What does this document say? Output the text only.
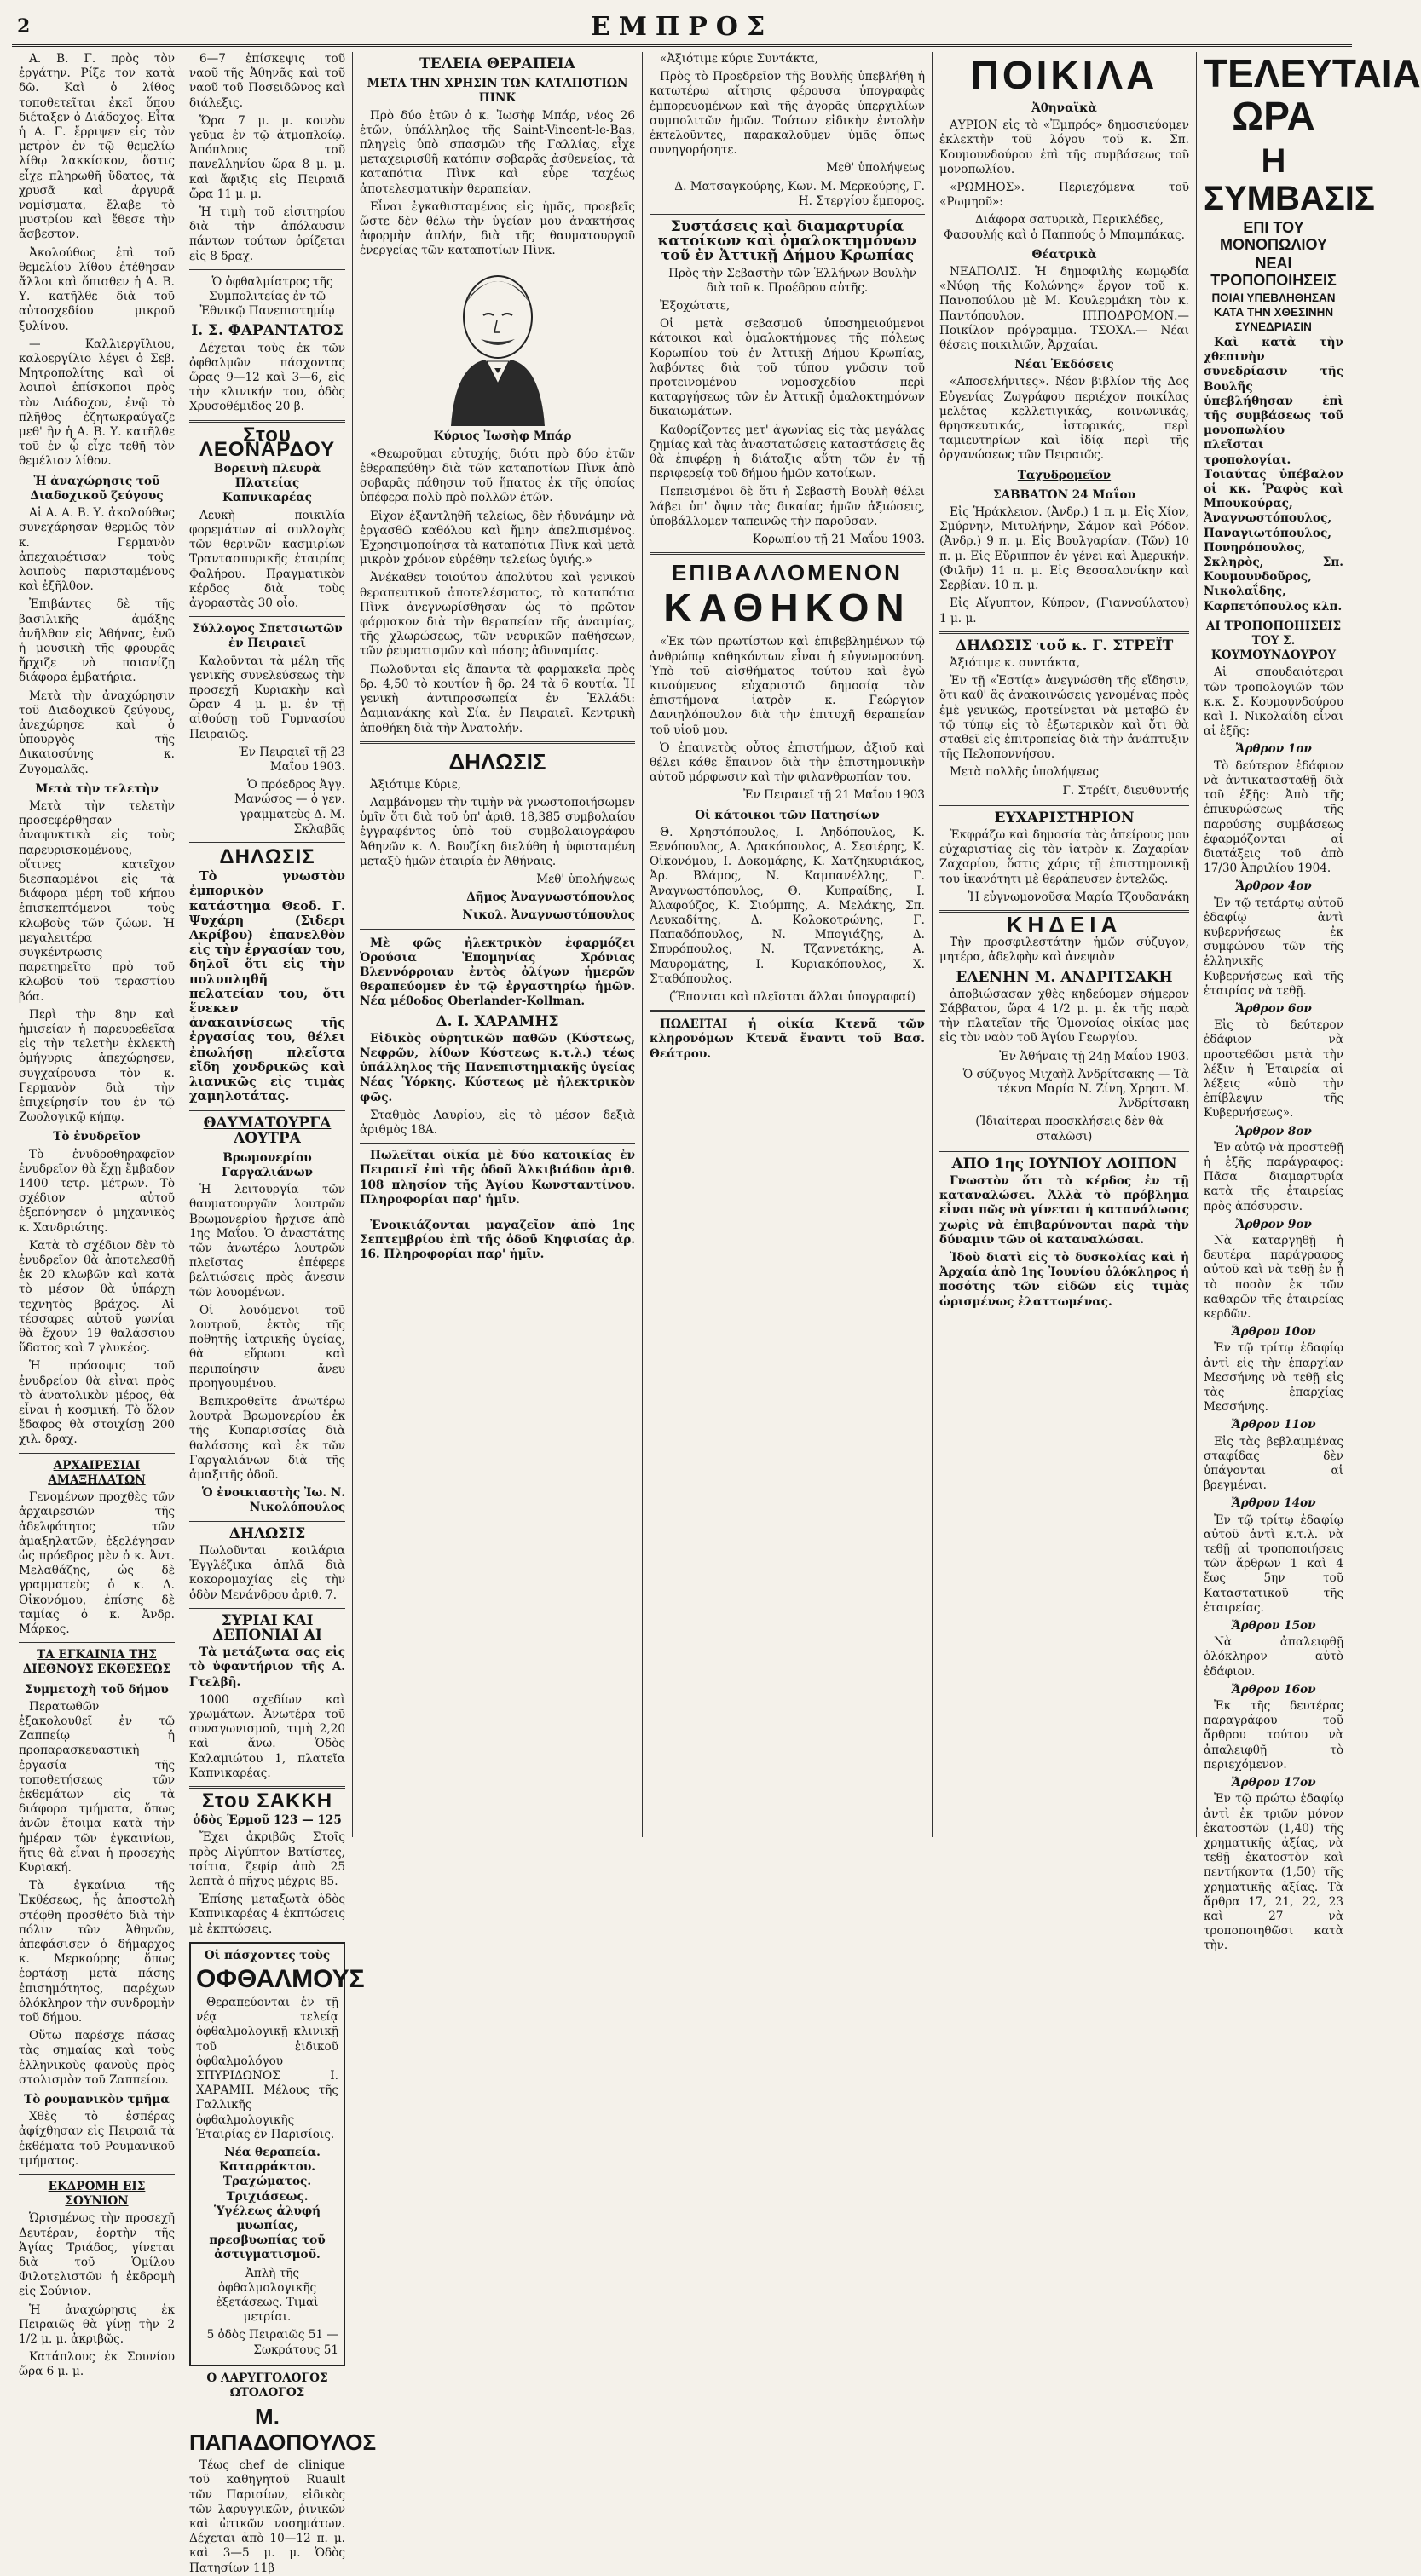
2	ΕΜΠΡΟΣ

Α. Β. Γ. πρὸς τὸν ἐργάτην. Ρίξε τον κατὰ δῶ. Καὶ ὁ λίθος τοποθετεῖται ἐκεῖ ὅπου διέταξεν ὁ Διάδοχος. Εἶτα ἡ Α. Γ. ἔρριψεν εἰς τὸν μετρὸν ἐν τῷ θεμελίῳ λίθῳ λακκίσκον, ὅστις εἶχε πληρωθῆ ὕδατος, τὰ χρυσᾶ καὶ ἀργυρᾶ νομίσματα, ἔλαβε τὸ μυστρίον καὶ ἔθεσε τὴν ἄσβεστον.

Ἀκολούθως ἐπὶ τοῦ θεμελίου λίθου ἐτέθησαν ἄλλοι καὶ ὅπισθεν ἡ Α. Β. Υ. κατῆλθε διὰ τοῦ αὐτοσχεδίου μικροῦ ξυλίνου.

— Καλλιεργῖλιου, καλοεργίλιο λέγει ὁ Σεβ. Μητροπολίτης καὶ οἱ λοιποὶ ἐπίσκοποι πρὸς τὸν Διάδοχον, ἐνῷ τὸ πλῆθος ἐζητωκραύγαζε μεθ' ἣν ἡ Α. Β. Υ. κατῆλθε τοῦ ἐν ᾧ εἶχε τεθῆ τὸν θεμέλιον λίθον.

Ἡ ἀναχώρησις τοῦ Διαδοχικοῦ ζεύγους

Αἱ Α. Α. Β. Υ. ἀκολούθως συνεχάρησαν θερμῶς τὸν κ. Γερμανὸν ἀπεχαιρέτισαν τοὺς λοιποὺς παρισταμένους καὶ ἐξῆλθον.

Ἐπιβάντες δὲ τῆς βασιλικῆς ἁμάξης ἀνῆλθον εἰς Ἀθήνας, ἐνῷ ἡ μουσικὴ τῆς φρουρᾶς ἤρχιζε νὰ παιανίζῃ διάφορα ἐμβατήρια.

Μετὰ τὴν ἀναχώρησιν τοῦ Διαδοχικοῦ ζεύγους, ἀνεχώρησε καὶ ὁ ὑπουργὸς τῆς Δικαιοσύνης κ. Ζυγομαλᾶς.

Μετὰ τὴν τελετὴν

Μετὰ τὴν τελετὴν προσεφέρθησαν ἀναψυκτικὰ εἰς τοὺς παρευρισκομένους, οἵτινες κατεῖχον διεσπαρμένοι εἰς τὰ διάφορα μέρη τοῦ κήπου ἐπισκεπτόμενοι τοὺς κλωβοὺς τῶν ζώων. Ἡ μεγαλειτέρα συγκέντρωσις παρετηρεῖτο πρὸ τοῦ κλωβοῦ τοῦ τεραστίου βόα.

Περὶ τὴν 8ην καὶ ἡμισείαν ἡ παρευρεθεῖσα εἰς τὴν τελετὴν ἐκλεκτὴ ὁμήγυρις ἀπεχώρησεν, συγχαίρουσα τὸν κ. Γερμανὸν διὰ τὴν ἐπιχείρησίν του ἐν τῷ Ζωολογικῷ κήπῳ.

Τὸ ἐνυδρεῖον

Τὸ ἐνυδροθηραφεῖον ἐνυδρεῖον θὰ ἔχῃ ἔμβαδον 1400 τετρ. μέτρων. Τὸ σχέδιον αὐτοῦ ἐξεπόνησεν ὁ μηχανικὸς κ. Χανδριώτης.

Κατὰ τὸ σχέδιον δὲν τὸ ἐνυδρεῖον θὰ ἀποτελεσθῇ ἐκ 20 κλωβῶν καὶ κατὰ τὸ μέσον θὰ ὑπάρχῃ τεχνητὸς βράχος. Αἱ τέσσαρες αὐτοῦ γωνίαι θὰ ἔχουν 19 θαλάσσιου ὕδατος καὶ 7 γλυκέος.

Ἡ πρόσοψις τοῦ ἐνυδρείου θὰ εἶναι πρὸς τὸ ἀνατολικὸν μέρος, θὰ εἶναι ἡ κοσμική. Τὸ ὅλον ἔδαφος θὰ στοιχίσῃ 200 χιλ. δραχ.

ΑΡΧΑΙΡΕΣΙΑΙ ΑΜΑΞΗΛΑΤΩΝ

Γενομένων προχθὲς τῶν ἀρχαιρεσιῶν τῆς ἀδελφότητος τῶν ἀμαξηλατῶν, ἐξελέγησαν ὡς πρόεδρος μὲν ὁ κ. Ἀντ. Μελαθάζης, ὡς δὲ γραμματεὺς ὁ κ. Δ. Οἰκονόμου, ἐπίσης δὲ ταμίας ὁ κ. Ἀνδρ. Μάρκος.

ΤΑ ΕΓΚΑΙΝΙΑ ΤΗΣ ΔΙΕΘΝΟΥΣ ΕΚΘΕΣΕΩΣ
Συμμετοχὴ τοῦ δήμου

Περατωθῶν ἐξακολουθεῖ ἐν τῷ Ζαππείῳ ἡ προπαρασκευαστικὴ ἐργασία τῆς τοποθετήσεως τῶν ἐκθεμάτων εἰς τὰ διάφορα τμήματα, ὅπως ἀνῶν ἕτοιμα κατὰ τὴν ἡμέραν τῶν ἐγκαινίων, ἥτις θὰ εἶναι ἡ προσεχὴς Κυριακή.

Τὰ ἐγκαίνια τῆς Ἐκθέσεως, ἧς ἀποστολὴ στέφθη προσθέτο διὰ τὴν πόλιν τῶν Ἀθηνῶν, ἀπεφάσισεν ὁ δήμαρχος κ. Μερκούρης ὅπως ἑορτάσῃ μετὰ πάσης ἐπισημότητος, παρέχων ὁλόκληρον τὴν συνδρομὴν τοῦ δήμου.

Οὕτω παρέσχε πάσας τὰς σημαίας καὶ τοὺς ἑλληνικοὺς φανοὺς πρὸς στολισμὸν τοῦ Ζαππείου.

Τὸ ρουμανικὸν τμῆμα

Χθὲς τὸ ἑσπέρας ἀφίχθησαν εἰς Πειραιᾶ τὰ ἐκθέματα τοῦ Ρουμανικοῦ τμήματος.

ΕΚΔΡΟΜΗ ΕΙΣ ΣΟΥΝΙΟΝ

Ὡρισμένως τὴν προσεχῆ Δευτέραν, ἑορτὴν τῆς Ἁγίας Τριάδος, γίνεται διὰ τοῦ Ὁμίλου Φιλοτελιστῶν ἡ ἐκδρομὴ εἰς Σούνιον.

Ἡ ἀναχώρησις ἐκ Πειραιῶς θὰ γίνῃ τὴν 2 1/2 μ. μ. ἀκριβῶς.

Κατάπλους ἐκ Σουνίου ὥρα 6 μ. μ.

6—7 ἐπίσκεψις τοῦ ναοῦ τῆς Ἀθηνᾶς καὶ τοῦ ναοῦ τοῦ Ποσειδῶνος καὶ διάλεξις.

Ὥρα 7 μ. μ. κοινὸν γεῦμα ἐν τῷ ἀτμοπλοίῳ. Ἀπόπλους τοῦ πανελληνίου ὥρα 8 μ. μ. καὶ ἄφιξις εἰς Πειραιᾶ ὥρα 11 μ. μ.

Ἡ τιμὴ τοῦ εἰσιτηρίου διὰ τὴν ἀπόλαυσιν πάντων τούτων ὁρίζεται εἰς 8 δραχ.

Ὁ ὀφθαλμίατρος τῆς Συμπολιτείας ἐν τῷ Ἐθνικῷ Πανεπιστημίῳ

Ι. Σ. ΦΑΡΑΝΤΑΤΟΣ

Δέχεται τοὺς ἐκ τῶν ὀφθαλμῶν πάσχοντας ὥρας 9—12 καὶ 3—6, εἰς τὴν κλινικήν του, ὁδὸς Χρυσοθέμιδος 20 β.

Στου ΛΕΟΝΑΡΔΟΥ
Βορεινὴ πλευρὰ Πλατείας Καπνικαρέας

Λευκὴ ποικιλία φορεμάτων αἱ συλλογὰς τῶν θερινῶν κασμιρίων Τραντασπυρικῆς ἑταιρίας Φαλήρου. Πραγματικὸν κέρδος διὰ τοὺς ἀγοραστὰς 30 οἷο.

Σύλλογος Σπετσιωτῶν ἐν Πειραιεῖ

Καλοῦνται τὰ μέλη τῆς γενικῆς συνελεύσεως τὴν προσεχῆ Κυριακὴν καὶ ὥραν 4 μ. μ. ἐν τῇ αἰθούσῃ τοῦ Γυμνασίου Πειραιῶς.

Ἐν Πειραιεῖ τῇ 23 Μαΐου 1903.

Ὁ πρόεδρος Ἀγγ. Μανώσος — ὁ γεν. γραμματεὺς Δ. Μ. Σκλαβᾶς

ΔΗΛΩΣΙΣ

Τὸ γνωστὸν ἐμπορικὸν κατάστημα Θεοδ. Γ. Ψυχάρη (Σιδερι Ακρίβου) ἐπανελθὸν εἰς τὴν ἐργασίαν του, δηλοῖ ὅτι εἰς τὴν πολυπληθῆ πελατείαν του, ὅτι ἕνεκεν ἀνακαινίσεως τῆς ἐργασίας του, θέλει ἐπωλήσῃ πλεῖστα εἴδη χονδρικῶς καὶ λιανικῶς εἰς τιμὰς χαμηλοτάτας.

ΘΑΥΜΑΤΟΥΡΓΑ ΛΟΥΤΡΑ
Βρωμονερίου Γαργαλιάνων

Ἡ λειτουργία τῶν θαυματουργῶν λουτρῶν Βρωμονερίου ἤρχισε ἀπὸ 1ης Μαΐου. Ὁ ἀναστάτης τῶν ἀνωτέρω λουτρῶν πλεῖστας ἐπέφερε βελτιώσεις πρὸς ἄνεσιν τῶν λουομένων.

Οἱ λουόμενοι τοῦ λουτροῦ, ἐκτὸς τῆς ποθητῆς ἰατρικῆς ὑγείας, θὰ εὕρωσι καὶ περιποίησιν ἄνευ προηγουμένου.

Βεπικροθεῖτε ἀνωτέρω λουτρὰ Βρωμονερίου ἐκ τῆς Κυπαρισσίας διὰ θαλάσσης καὶ ἐκ τῶν Γαργαλιάνων διὰ τῆς ἁμαξιτῆς ὁδοῦ.

Ὁ ἐνοικιαστὴς Ἰω. Ν. Νικολόπουλος

ΔΗΛΩΣΙΣ

Πωλοῦνται κοιλάρια Ἐγγλέζικα ἀπλᾶ διὰ κοκορομαχίας εἰς τὴν ὁδὸν Μενάνδρου ἀριθ. 7.

ΣΥΡΙΑΙ ΚΑΙ ΔΕΠΟΝΙΑΙ ΑΙ

Τὰ μετάξωτα σας εἰς τὸ ὑφαντήριον τῆς Α. Γτελβῆ.

1000 σχεδίων καὶ χρωμάτων. Ἀνωτέρα τοῦ συναγωνισμοῦ, τιμὴ 2,20 καὶ ἄνω. Ὁδὸς Καλαμιώτου 1, πλατεῖα Καπνικαρέας.

Στου ΣΑΚΚΗ
ὁδὸς Ἑρμοῦ 123 — 125

Ἔχει ἀκριβῶς Στοῖς πρὸς Αἰγύπτον Βατίστες, τσίτια, ζεφίρ ἀπὸ 25 λεπτὰ ὁ πῆχυς μέχρις 85.

Ἐπίσης μεταξωτὰ ὁδὸς Καπνικαρέας 4 ἐκπτώσεις μὲ ἐκπτώσεις.

Οἱ πάσχοντες τοὺς
ΟΦΘΑΛΜΟΥΣ

Θεραπεύονται ἐν τῇ νέᾳ τελείᾳ ὀφθαλμολογικῇ κλινικῇ τοῦ ἐιδικοῦ ὀφθαλμολόγου ΣΠΥΡΙΔΩΝΟΣ Ι. ΧΑΡΑΜΗ. Μέλους τῆς Γαλλικῆς ὀφθαλμολογικῆς Ἑταιρίας ἐν Παρισίοις.

Νέα θεραπεία. Καταρράκτου. Τραχώματος. Τριχιάσεως. Ὑγέλεως ἀλυφή μυωπίας, πρεσβυωπίας τοῦ ἀστιγματισμοῦ.

Ἀπλὴ τῆς ὀφθαλμολογικῆς ἐξετάσεως. Τιμαὶ μετρίαι.

5 ὁδὸς Πειραιῶς 51 — Σωκράτους 51

Ο ΛΑΡΥΓΓΟΛΟΓΟΣ ΩΤΟΛΟΓΟΣ
Μ. ΠΑΠΑΔΟΠΟΥΛΟΣ

Τέως chef de clinique τοῦ καθηγητοῦ Ruault τῶν Παρισίων, εἰδικὸς τῶν λαρυγγικῶν, ῥινικῶν καὶ ὠτικῶν νοσημάτων. Δέχεται ἀπὸ 10—12 π. μ. καὶ 3—5 μ. μ. Ὁδὸς Πατησίων 11β

ΤΕΛΕΙΑ ΘΕΡΑΠΕΙΑ
ΜΕΤΑ ΤΗΝ ΧΡΗΣΙΝ ΤΩΝ ΚΑΤΑΠΟΤΙΩΝ ΠΙΝΚ

Πρὸ δύο ἐτῶν ὁ κ. Ἰωσὴφ Μπάρ, νέος 26 ἐτῶν, ὑπάλληλος τῆς Saint-Vincent-le-Bas, πληγεὶς ὑπὸ σπασμῶν τῆς Γαλλίας, εἶχε μεταχειρισθῆ κατόπιν σοβαρᾶς ἀσθενείας, τὰ καταπότια Πὶνκ καὶ εὗρε ταχέως ἀποτελεσματικὴν θεραπείαν.

Εἶναι ἐγκαθισταμένος εἰς ἡμᾶς, προεβεῖς ὥστε δὲν θέλω τὴν ὑγείαν μου ἀνακτήσας ἀφορμὴν ἁπλήν, διὰ τῆς θαυματουργοῦ ἐνεργείας τῶν καταποτίων Πὶνκ.

Κύριος Ἰωσὴφ Μπάρ

«Θεωροῦμαι εὐτυχής, διότι πρὸ δύο ἐτῶν ἐθεραπεύθην διὰ τῶν καταποτίων Πὶνκ ἀπὸ σοβαρᾶς πάθησιν τοῦ ἥπατος ἐκ τῆς ὁποίας ὑπέφερα πολὺ πρὸ πολλῶν ἐτῶν.

Εἰχον ἐξαντληθῆ τελείως, δὲν ἠδυνάμην νὰ ἐργασθῶ καθόλου καὶ ἤμην ἀπελπισμένος. Ἐχρησιμοποίησα τὰ καταπότια Πὶνκ καὶ μετὰ μικρὸν χρόνον εὑρέθην τελείως ὑγιής.»

Ἀνέκαθεν τοιούτου ἀπολύτου καὶ γενικοῦ θεραπευτικοῦ ἀποτελέσματος, τὰ καταπότια Πὶνκ ἀνεγνωρίσθησαν ὡς τὸ πρῶτον φάρμακον διὰ τὴν θεραπείαν τῆς ἀναιμίας, τῆς χλωρώσεως, τῶν νευρικῶν παθήσεων, τῶν ῥευματισμῶν καὶ πάσης ἀδυναμίας.

Πωλοῦνται εἰς ἅπαντα τὰ φαρμακεῖα πρὸς δρ. 4,50 τὸ κουτίον ἢ δρ. 24 τὰ 6 κουτία. Ἡ γενικὴ ἀντιπροσωπεία ἐν Ἑλλάδι: Δαμιανάκης καὶ Σία, ἐν Πειραιεῖ. Κεντρικὴ ἀποθήκη διὰ τὴν Ἀνατολήν.

ΔΗΛΩΣΙΣ

Ἀξιότιμε Κύριε,

Λαμβάνομεν τὴν τιμὴν νὰ γνωστοποιήσωμεν ὑμῖν ὅτι διὰ τοῦ ὑπ' ἀριθ. 18,385 συμβολαίου ἐγγραφέντος ὑπὸ τοῦ συμβολαιογράφου Ἀθηνῶν κ. Δ. Βουζίκη διελύθη ἡ ὑφισταμένη μεταξὺ ἡμῶν ἑταιρία ἐν Ἀθήναις.

Μεθ' ὑπολήψεως

Δῆμος Ἀναγνωστόπουλος

Νικολ. Ἀναγνωστόπουλος

Μὲ φῶς ἠλεκτρικὸν ἐφαρμόζει Ὀρούσια Ἐπομηνίας Χρόνιας Βλεννόρροιαν ἐντὸς ὀλίγων ἡμερῶν θεραπεύομεν ἐν τῷ ἐργαστηρίῳ ἡμῶν. Νέα μέθοδος Oberlander-Kollman.

Δ. Ι. ΧΑΡΑΜΗΣ

Εἰδικὸς οὐρητικῶν παθῶν (Κύστεως, Νεφρῶν, λίθων Κύστεως κ.τ.λ.) τέως ὑπάλληλος τῆς Πανεπιστημιακῆς ὑγείας Νέας Ὑόρκης. Κύστεως μὲ ἠλεκτρικὸν φῶς.

Σταθμὸς Λαυρίου, εἰς τὸ μέσον δεξιὰ ἀριθμὸς 18Α.

Πωλεῖται οἰκία μὲ δύο κατοικίας ἐν Πειραιεῖ ἐπὶ τῆς ὁδοῦ Ἀλκιβιάδου ἀριθ. 108 πλησίον τῆς Ἁγίου Κωνσταντίνου. Πληροφορίαι παρ' ἡμῖν.

Ἐνοικιάζονται μαγαζεῖον ἀπὸ 1ης Σεπτεμβρίου ἐπὶ τῆς ὁδοῦ Κηφισίας ἀρ. 16. Πληροφορίαι παρ' ἡμῖν.

«Ἀξιότιμε κύριε Συντάκτα,

Πρὸς τὸ Προεδρεῖον τῆς Βουλῆς ὑπεβλήθη ἡ κατωτέρω αἴτησις φέρουσα ὑπογραφὰς ἐμπορευομένων καὶ τῆς ἀγορᾶς ὑπερχιλίων συμπολιτῶν ἡμῶν. Τούτων εἰδικὴν ἐντολὴν ἐκτελοῦντες, παρακαλοῦμεν ὑμᾶς ὅπως συνηγορήσητε.

Μεθ' ὑπολήψεως

Δ. Ματσαγκούρης, Κων. Μ. Μερκούρης, Γ. Η. Στεργίου ἔμπορος.

Συστάσεις καὶ διαμαρτυρία κατοίκων καὶ ὁμαλοκτημόνων τοῦ ἐν Ἀττικῇ Δήμου Κρωπίας

Πρὸς τὴν Σεβαστὴν τῶν Ἑλλήνων Βουλὴν διὰ τοῦ κ. Προέδρου αὐτῆς.

Ἐξοχώτατε,

Οἱ μετὰ σεβασμοῦ ὑποσημειούμενοι κάτοικοι καὶ ὁμαλοκτήμονες τῆς πόλεως Κορωπίου τοῦ ἐν Ἀττικῇ Δήμου Κρωπίας, λαβόντες διὰ τοῦ τύπου γνῶσιν τοῦ προτεινομένου νομοσχεδίου περὶ καταργήσεως τῶν ἐν Ἀττικῇ ὁμαλοκτημόνων δικαιωμάτων.

Καθορίζοντες μετ' ἀγωνίας εἰς τὰς μεγάλας ζημίας καὶ τὰς ἀναστατώσεις καταστάσεις ἃς θὰ ἐπιφέρῃ ἡ διάταξις αὕτη τῶν ἐν τῇ περιφερείᾳ τοῦ δήμου ἡμῶν κατοίκων.

Πεπεισμένοι δὲ ὅτι ἡ Σεβαστὴ Βουλὴ θέλει λάβει ὑπ' ὄψιν τὰς δικαίας ἡμῶν ἀξιώσεις, ὑποβάλλομεν ταπεινῶς τὴν παροῦσαν.

Κορωπίου τῇ 21 Μαΐου 1903.

ΕΠΙΒΑΛΛΟΜΕΝΟΝ
ΚΑΘΗΚΟΝ

«Ἐκ τῶν πρωτίστων καὶ ἐπιβεβλημένων τῷ ἀνθρώπῳ καθηκόντων εἶναι ἡ εὐγνωμοσύνη. Ὑπὸ τοῦ αἰσθήματος τούτου καὶ ἐγὼ κινούμενος εὐχαριστῶ δημοσίᾳ τὸν ἐπιστήμονα ἰατρὸν κ. Γεώργιον Δανιηλόπουλον διὰ τὴν ἐπιτυχῆ θεραπείαν τοῦ υἱοῦ μου.

Ὁ ἐπαινετὸς οὗτος ἐπιστήμων, ἀξιοῦ καὶ θέλει κάθε ἔπαινον διὰ τὴν ἐπιστημονικὴν αὐτοῦ μόρφωσιν καὶ τὴν φιλανθρωπίαν του.

Ἐν Πειραιεῖ τῇ 21 Μαΐου 1903

Οἱ κάτοικοι τῶν Πατησίων

Θ. Χρηστόπουλος, Ι. Ἀηδόπουλος, Κ. Ξενόπουλος, Α. Δρακόπουλος, Α. Σεσιέρης, Κ. Οἰκονόμου, Ι. Δοκομάρης, Κ. Χατζηκυριάκος, Ἀρ. Βλάμος, Ν. Καμπανέλλης, Γ. Ἀναγνωστόπουλος, Θ. Κυπραίδης, Ι. Ἀλαφούζος, Κ. Σιούμπης, Α. Μελάκης, Σπ. Λευκαδίτης, Δ. Κολοκοτρώνης, Γ. Παπαδόπουλος, Ν. Μπογιάζης, Δ. Σπυρόπουλος, Ν. Τζαννετάκης, Α. Μαυρομάτης, Ι. Κυριακόπουλος, Χ. Σταθόπουλος.

(Ἕπονται καὶ πλεῖσται ἄλλαι ὑπογραφαί)

ΠΩΛΕΙΤΑΙ ἡ οἰκία Κτενᾶ τῶν κληρονόμων Κτενᾶ ἔναντι τοῦ Βασ. Θεάτρου.

ΠΟΙΚΙΛΑ
Ἀθηναϊκὰ

ΑΥΡΙΟΝ εἰς τὸ «Ἐμπρός» δημοσιεύομεν ἐκλεκτὴν τοῦ λόγου τοῦ κ. Σπ. Κουμουνδούρου ἐπὶ τῆς συμβάσεως τοῦ μονοπωλίου.

«ΡΩΜΗΟΣ». Περιεχόμενα τοῦ «Ρωμηοῦ»:

Διάφορα σατυρικὰ, Περικλέδες, Φασουλής καὶ ὁ Παππούς ὁ Μπαμπάκας.

Θέατρικὰ

ΝΕΑΠΟΛΙΣ. Ἡ δημοφιλὴς κωμῳδία «Νύφη τῆς Κολώνης» ἔργον τοῦ κ. Πανοπούλου μὲ Μ. Κουλερμάκη τὸν κ. Παντόπουλον. ΙΠΠΟΔΡΟΜΟΝ.— Ποικίλον πρόγραμμα. ΤΣΟΧΑ.— Νέαι θέσεις ποικιλιῶν, Ἀρχαίαι.

Νέαι Ἐκδόσεις

«Αποσελήνιτες». Νέον βιβλίον τῆς Δος Εὐγενίας Ζωγράφου περιέχον ποικίλας μελέτας κελλετιγικάς, κοινωνικάς, θρησκευτικάς, ἱστορικάς, περὶ ταμιευτηρίων καὶ ἰδίᾳ περὶ τῆς ὀργανώσεως τῶν Πειραιῶς.

Ταχυδρομεῖον
ΣΑΒΒΑΤΟΝ 24 Μαΐου

Εἰς Ἡράκλειον. (Ἀνδρ.) 1 π. μ. Εἰς Χίον, Σμύρνην, Μιτυλήνην, Σάμον καὶ Ρόδον. (Ἀνδρ.) 9 π. μ. Εἰς Βουλγαρίαν. (Τῶν) 10 π. μ. Εἰς Εὔριππον ἐν γένει καὶ Ἀμερικήν. (Φιλῆν) 11 π. μ. Εἰς Θεσσαλονίκην καὶ Σερβίαν. 10 π. μ.

Εἰς Αἴγυπτον, Κύπρον, (Γιαννούλατου) 1 μ. μ.

ΔΗΛΩΣΙΣ τοῦ κ. Γ. ΣΤΡΕΪΤ

Ἀξιότιμε κ. συντάκτα,

Ἐν τῇ «Ἑστίᾳ» ἀνεγνώσθη τῆς εἴδησιν, ὅτι καθ' ἃς ἀνακοινώσεις γενομένας πρὸς ἐμὲ γενικῶς, προτείνεται νὰ μεταβῶ ἐν τῷ τύπῳ εἰς τὸ ἐξωτερικὸν καὶ ὅτι θὰ σταθεῖ εἰς ἐπιτροπείας διὰ τὴν ἀνάπτυξιν τῆς Πελοποννήσου.

Μετὰ πολλῆς ὑπολήψεως

Γ. Στρέϊτ, διευθυντής

ΕΥΧΑΡΙΣΤΗΡΙΟΝ

Ἐκφράζω καὶ δημοσίᾳ τὰς ἀπείρους μου εὐχαριστίας εἰς τὸν ἰατρὸν κ. Ζαχαρίαν Ζαχαρίου, ὅστις χάρις τῇ ἐπιστημονικῇ του ἱκανότητι μὲ θεράπευσεν ἐντελῶς.

Ἡ εὐγνωμονοῦσα Μαρία Τζουδανάκη

ΚΗΔΕΙΑ

Τὴν προσφιλεστάτην ἡμῶν σύζυγον, μητέρα, ἀδελφὴν καὶ ἀνεψιὰν

ΕΛΕΝΗΝ Μ. ΑΝΔΡΙΤΣΑΚΗ

ἀποβιώσασαν χθὲς κηδεύομεν σήμερον Σάββατον, ὥρα 4 1/2 μ. μ. ἐκ τῆς παρὰ τὴν πλατεῖαν τῆς Ὁμονοίας οἰκίας μας εἰς τὸν ναὸν τοῦ Ἁγίου Γεωργίου.

Ἐν Ἀθήναις τῇ 24ῃ Μαΐου 1903.

Ὁ σύζυγος Μιχαὴλ Ἀνδρίτσακης — Τὰ τέκνα Μαρία Ν. Ζίνη, Χρηστ. Μ. Ἀνδρίτσακη

(Ἰδιαίτεραι προσκλήσεις δὲν θὰ σταλῶσι)

ΑΠΟ 1ης ΙΟΥΝΙΟΥ ΛΟΙΠΟΝ

Γνωστὸν ὅτι τὸ κέρδος ἐν τῇ καταναλώσει. Ἀλλὰ τὸ πρόβλημα εἶναι πῶς νὰ γίνεται ἡ κατανάλωσις χωρὶς νὰ ἐπιβαρύνονται παρὰ τὴν δύναμιν τῶν οἱ καταναλώσαι.

Ἰδοὺ διατὶ εἰς τὸ δυσκολίας καὶ ἡ Ἀρχαία ἀπὸ 1ης Ἰουνίου ὁλόκληρος ἡ ποσότης τῶν εἰδῶν εἰς τιμὰς ὡρισμένως ἐλαττωμένας.

ΤΕΛΕΥΤΑΙΑ ΩΡΑ
Η ΣΥΜΒΑΣΙΣ
ΕΠΙ ΤΟΥ ΜΟΝΟΠΩΛΙΟΥ
ΝΕΑΙ ΤΡΟΠΟΠΟΙΗΣΕΙΣ
ΠΟΙΑΙ ΥΠΕΒΛΗΘΗΣΑΝ ΚΑΤΑ ΤΗΝ ΧΘΕΣΙΝΗΝ ΣΥΝΕΔΡΙΑΣΙΝ

Καὶ κατὰ τὴν χθεσινὴν συνεδρίασιν τῆς Βουλῆς ὑπεβλήθησαν ἐπὶ τῆς συμβάσεως τοῦ μονοπωλίου πλεῖσται τροπολογίαι. Τοιαύτας ὑπέβαλον οἱ κκ. Ῥαφὸς καὶ Μπουκούρας, Ἀναγνωστόπουλος, Παναγιωτόπουλος, Πονηρόπουλος, Σκληρὸς, Σπ. Κουμουνδοῦρος, Νικολαΐδης, Καρπετόπουλος κλπ.

ΑΙ ΤΡΟΠΟΠΟΙΗΣΕΙΣ ΤΟΥ Σ. ΚΟΥΜΟΥΝΔΟΥΡΟΥ

Αἱ σπουδαιότεραι τῶν τροπολογιῶν τῶν κ.κ. Σ. Κουμουνδούρου καὶ Ι. Νικολαΐδη εἶναι αἱ ἑξῆς:

Ἄρθρον 1ον

Τὸ δεύτερον ἐδάφιον νὰ ἀντικατασταθῇ διὰ τοῦ ἑξῆς: Ἀπὸ τῆς ἐπικυρώσεως τῆς παρούσης συμβάσεως ἐφαρμόζονται αἱ διατάξεις τοῦ ἀπὸ 17/30 Ἀπριλίου 1904.

Ἄρθρον 4ον

Ἐν τῷ τετάρτῳ αὐτοῦ ἐδαφίῳ ἀντὶ κυβερνήσεως ἐκ συμφώνου τῶν τῆς ἑλληνικῆς Κυβερνήσεως καὶ τῆς ἑταιρίας νὰ τεθῇ.

Ἄρθρον 6ον

Εἰς τὸ δεύτερον ἐδάφιον νὰ προστεθῶσι μετὰ τὴν λέξιν ἡ Ἑταιρεία αἱ λέξεις «ὑπὸ τὴν ἐπίβλεψιν τῆς Κυβερνήσεως».

Ἄρθρον 8ον

Ἐν αὐτῷ νὰ προστεθῇ ἡ ἑξῆς παράγραφος: Πᾶσα διαμαρτυρία κατὰ τῆς ἑταιρείας πρὸς ἀπόσυρσιν.

Ἄρθρον 9ον

Νὰ καταργηθῇ ἡ δευτέρα παράγραφος αὐτοῦ καὶ νὰ τεθῇ ἐν ᾗ τὸ ποσὸν ἐκ τῶν καθαρῶν τῆς ἑταιρείας κερδῶν.

Ἄρθρον 10ον

Ἐν τῷ τρίτῳ ἐδαφίῳ ἀντὶ εἰς τὴν ἐπαρχίαν Μεσσήνης νὰ τεθῇ εἰς τὰς ἐπαρχίας Μεσσήνης.

Ἄρθρον 11ον

Εἰς τὰς βεβλαμμένας σταφίδας δὲν ὑπάγονται αἱ βρεγμέναι.

Ἄρθρον 14ον

Ἐν τῷ τρίτῳ ἐδαφίῳ αὐτοῦ ἀντὶ κ.τ.λ. νὰ τεθῇ αἱ τροποποιήσεις τῶν ἄρθρων 1 καὶ 4 ἔως 5ην τοῦ Καταστατικοῦ τῆς ἑταιρείας.

Ἄρθρον 15ον

Νὰ ἀπαλειφθῇ ὁλόκληρον αὐτὸ ἐδάφιον.

Ἄρθρον 16ον

Ἐκ τῆς δευτέρας παραγράφου τοῦ ἄρθρου τούτου νὰ ἀπαλειφθῇ τὸ περιεχόμενον.

Ἄρθρον 17ον

Ἐν τῷ πρώτῳ ἐδαφίῳ ἀντὶ ἐκ τριῶν μόνον ἑκατοστῶν (1,40) τῆς χρηματικῆς ἀξίας, νὰ τεθῇ ἑκατοστὸν καὶ πεντήκοντα (1,50) τῆς χρηματικῆς ἀξίας. Τὰ ἄρθρα 17, 21, 22, 23 καὶ 27 νὰ τροποποιηθῶσι κατὰ τὴν.
